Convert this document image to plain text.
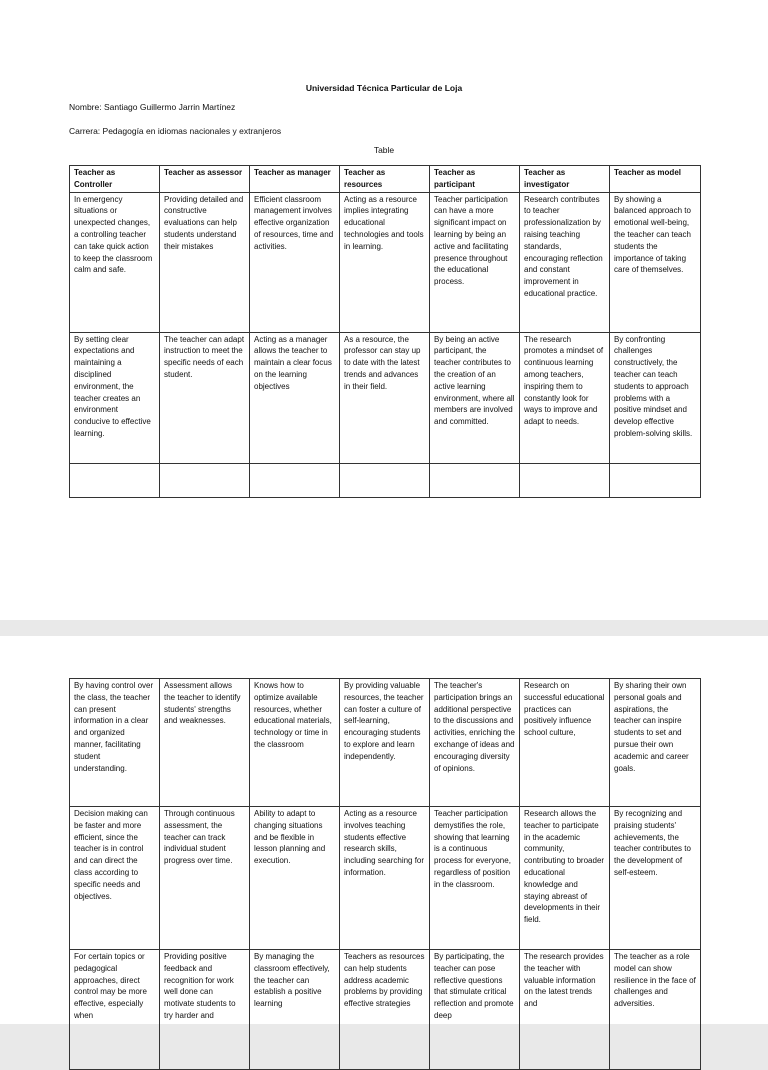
Universidad Técnica Particular de Loja
Nombre: Santiago Guillermo Jarrin Martínez
Carrera: Pedagogía en idiomas nacionales y extranjeros
Table
Teacher as Controller	Teacher as assessor	Teacher as manager	Teacher as resources	Teacher as participant	Teacher as investigator	Teacher as model
In emergency situations or unexpected changes, a controlling teacher can take quick action to keep the classroom calm and safe.	Providing detailed and constructive evaluations can help students understand their mistakes	Efficient classroom management involves effective organization of resources, time and activities.	Acting as a resource implies integrating educational technologies and tools in learning.	Teacher participation can have a more significant impact on learning by being an active and facilitating presence throughout the educational process.	Research contributes to teacher professionalization by raising teaching standards, encouraging reflection and constant improvement in educational practice.	By showing a balanced approach to emotional well-being, the teacher can teach students the importance of taking care of themselves.
By setting clear expectations and maintaining a disciplined environment, the teacher creates an environment conducive to effective learning.	The teacher can adapt instruction to meet the specific needs of each student.	Acting as a manager allows the teacher to maintain a clear focus on the learning objectives	As a resource, the professor can stay up to date with the latest trends and advances in their field.	By being an active participant, the teacher contributes to the creation of an active learning environment, where all members are involved and committed.	The research promotes a mindset of continuous learning among teachers, inspiring them to constantly look for ways to improve and adapt to needs.	By confronting challenges constructively, the teacher can teach students to approach problems with a positive mindset and develop effective problem-solving skills.

By having control over the class, the teacher can present information in a clear and organized manner, facilitating student understanding.	Assessment allows the teacher to identify students' strengths and weaknesses.	Knows how to optimize available resources, whether educational materials, technology or time in the classroom	By providing valuable resources, the teacher can foster a culture of self-learning, encouraging students to explore and learn independently.	The teacher's participation brings an additional perspective to the discussions and activities, enriching the exchange of ideas and encouraging diversity of opinions.	Research on successful educational practices can positively influence school culture,	By sharing their own personal goals and aspirations, the teacher can inspire students to set and pursue their own academic and career goals.
Decision making can be faster and more efficient, since the teacher is in control and can direct the class according to specific needs and objectives.	Through continuous assessment, the teacher can track individual student progress over time.	Ability to adapt to changing situations and be flexible in lesson planning and execution.	Acting as a resource involves teaching students effective research skills, including searching for information.	Teacher participation demystifies the role, showing that learning is a continuous process for everyone, regardless of position in the classroom.	Research allows the teacher to participate in the academic community, contributing to broader educational knowledge and staying abreast of developments in their field.	By recognizing and praising students' achievements, the teacher contributes to the development of self-esteem.
For certain topics or pedagogical approaches, direct control may be more effective, especially when	Providing positive feedback and recognition for work well done can motivate students to try harder and	By managing the classroom effectively, the teacher can establish a positive learning	Teachers as resources can help students address academic problems by providing effective strategies	By participating, the teacher can pose reflective questions that stimulate critical reflection and promote deep	The research provides the teacher with valuable information on the latest trends and	The teacher as a role model can show resilience in the face of challenges and adversities.
